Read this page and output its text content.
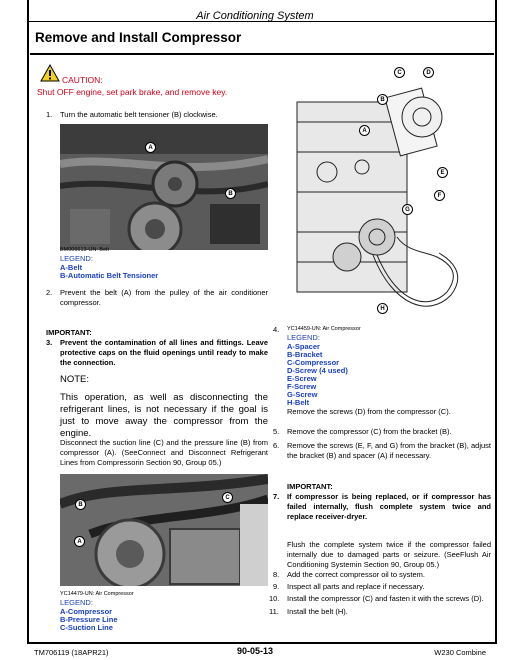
Air Conditioning System
Remove and Install Compressor
CAUTION:
Shut OFF engine, set park brake, and remove key.
1. Turn the automatic belt tensioner (B) clockwise.
A
B
BM006613-UN: Belt
LEGEND:
A-Belt
B-Automatic Belt Tensioner
2. Prevent the belt (A) from the pulley of the air conditioner compressor.
3.
IMPORTANT:
Prevent the contamination of all lines and fittings. Leave protective caps on the fluid openings until ready to make the connection.
NOTE:
This operation, as well as disconnecting the refrigerant lines, is not necessary if the goal is just to move away the compressor from the engine.
Disconnect the suction line (C) and the pressure line (B) from compressor (A). (SeeConnect and Disconnect Refrigerant Lines from Compressorin Section 90, Group 05.)
B
C
A
YC14479-UN: Air Compressor
LEGEND:
A-Compressor
B-Pressure Line
C-Suction Line
C	D
B
A
E
F
G
H
4. YC14459-UN: Air Compressor
LEGEND:
A-Spacer
B-Bracket
C-Compressor
D-Screw (4 used)
E-Screw
F-Screw
G-Screw
H-Belt
Remove the screws (D) from the compressor (C).
5. Remove the compressor (C) from the bracket (B).
6. Remove the screws (E, F, and G) from the bracket (B), adjust the bracket (B) and spacer (A) if necessary.
IMPORTANT:
7. If compressor is being replaced, or if compressor has failed internally, flush complete system twice and replace receiver-dryer.
Flush the complete system twice if the compressor failed internally due to damaged parts or seizure. (SeeFlush Air Conditioning Systemin Section 90, Group 05.)
8. Add the correct compressor oil to system.
9. Inspect all parts and replace if necessary.
10. Install the compressor (C) and fasten it with the screws (D).
11. Install the belt (H).
TM706119 (18APR21)	90-05-13	W230 Combine
